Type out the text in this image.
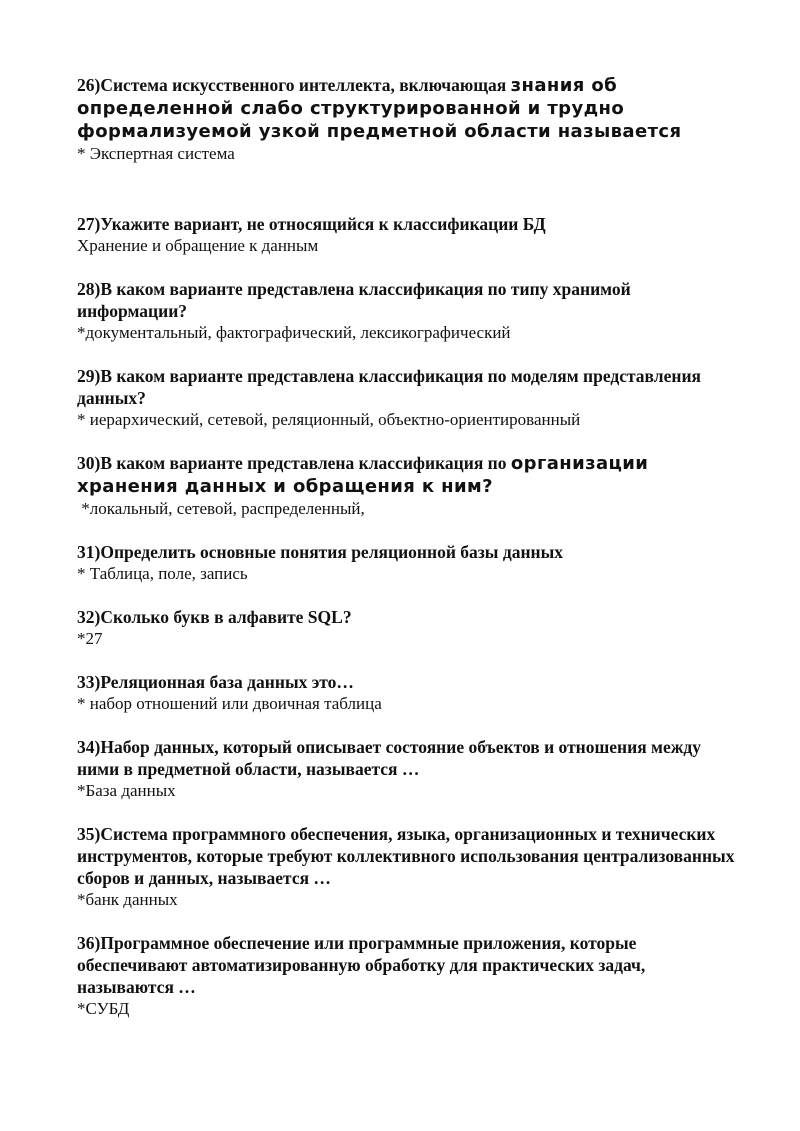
26)Система искусственного интеллекта, включающая знания об определенной слабо структурированной и трудно формализуемой узкой предметной области называется

* Экспертная система

27)Укажите вариант, не относящийся к классификации БД

Хранение и обращение к данным

28)В каком варианте представлена классификация по типу хранимой информации?

*документальный, фактографический, лексикографический

29)В каком варианте представлена классификация по моделям представления данных?

* иерархический, сетевой, реляционный, объектно-ориентированный

30)В каком варианте представлена классификация по организации хранения данных и обращения к ним?

*локальный, сетевой, распределенный,

31)Определить основные понятия реляционной базы данных

* Таблица, поле, запись

32)Сколько букв в алфавите SQL?

*27

33)Реляционная база данных это…

* набор отношений или двоичная таблица

34)Набор данных, который описывает состояние объектов и отношения между ними в предметной области, называется …

*База данных

35)Система программного обеспечения, языка, организационных и технических инструментов, которые требуют коллективного использования централизованных сборов и данных, называется …

*банк данных

36)Программное обеспечение или программные приложения, которые обеспечивают автоматизированную обработку для практических задач, называются …

*СУБД
